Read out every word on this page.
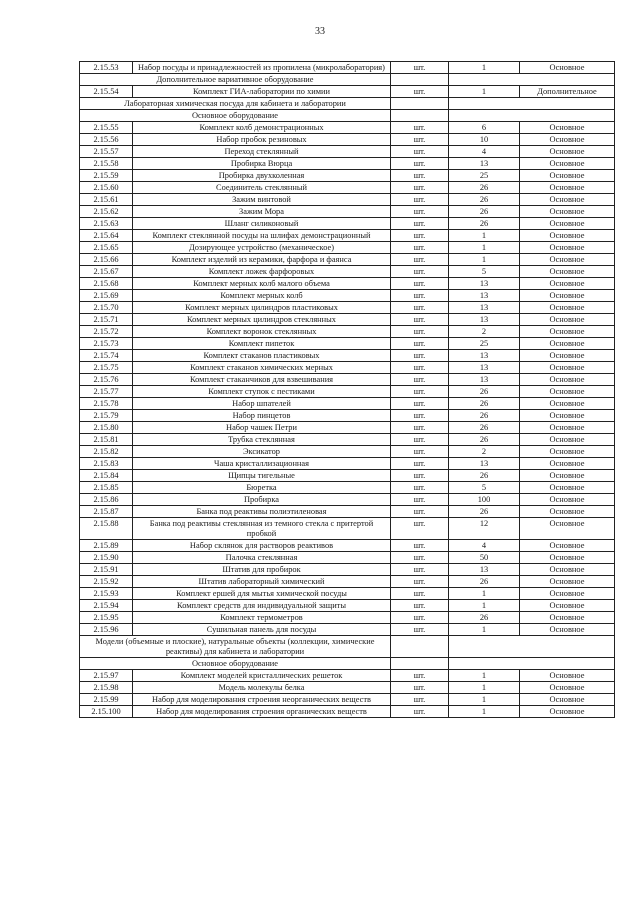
33
2.15.53	Набор посуды и принадлежностей из пропилена (микролаборатория)	шт.	1	Основное
Дополнительное вариативное оборудование				
2.15.54	Комплект ГИА-лаборатории по химии	шт.	1	Дополнительное
Лабораторная химическая посуда для кабинета и лаборатории				
Основное оборудование				
2.15.55	Комплект колб демонстрационных	шт.	6	Основное
2.15.56	Набор пробок резиновых	шт.	10	Основное
2.15.57	Переход стеклянный	шт.	4	Основное
2.15.58	Пробирка Вюрца	шт.	13	Основное
2.15.59	Пробирка двухколенная	шт.	25	Основное
2.15.60	Соединитель стеклянный	шт.	26	Основное
2.15.61	Зажим винтовой	шт.	26	Основное
2.15.62	Зажим Мора	шт.	26	Основное
2.15.63	Шланг силиконовый	шт.	26	Основное
2.15.64	Комплект стеклянной посуды на шлифах демонстрационный	шт.	1	Основное
2.15.65	Дозирующее устройство (механическое)	шт.	1	Основное
2.15.66	Комплект изделий из керамики, фарфора и фаянса	шт.	1	Основное
2.15.67	Комплект ложек фарфоровых	шт.	5	Основное
2.15.68	Комплект мерных колб малого объема	шт.	13	Основное
2.15.69	Комплект мерных колб	шт.	13	Основное
2.15.70	Комплект мерных цилиндров пластиковых	шт.	13	Основное
2.15.71	Комплект мерных цилиндров стеклянных	шт.	13	Основное
2.15.72	Комплект воронок стеклянных	шт.	2	Основное
2.15.73	Комплект пипеток	шт.	25	Основное
2.15.74	Комплект стаканов пластиковых	шт.	13	Основное
2.15.75	Комплект стаканов химических мерных	шт.	13	Основное
2.15.76	Комплект стаканчиков для взвешивания	шт.	13	Основное
2.15.77	Комплект ступок с пестиками	шт.	26	Основное
2.15.78	Набор шпателей	шт.	26	Основное
2.15.79	Набор пинцетов	шт.	26	Основное
2.15.80	Набор чашек Петри	шт.	26	Основное
2.15.81	Трубка стеклянная	шт.	26	Основное
2.15.82	Эксикатор	шт.	2	Основное
2.15.83	Чаша кристаллизационная	шт.	13	Основное
2.15.84	Щипцы тигельные	шт.	26	Основное
2.15.85	Бюретка	шт.	5	Основное
2.15.86	Пробирка	шт.	100	Основное
2.15.87	Банка под реактивы полиэтиленовая	шт.	26	Основное
2.15.88	Банка под реактивы стеклянная из темного стекла с притертой пробкой	шт.	12	Основное
2.15.89	Набор склянок для растворов реактивов	шт.	4	Основное
2.15.90	Палочка стеклянная	шт.	50	Основное
2.15.91	Штатив для пробирок	шт.	13	Основное
2.15.92	Штатив лабораторный химический	шт.	26	Основное
2.15.93	Комплект ершей для мытья химической посуды	шт.	1	Основное
2.15.94	Комплект средств для индивидуальной защиты	шт.	1	Основное
2.15.95	Комплект термометров	шт.	26	Основное
2.15.96	Сушильная панель для посуды	шт.	1	Основное
Модели (объемные и плоские), натуральные объекты (коллекции, химические реактивы) для кабинета и лаборатории				
Основное оборудование				
2.15.97	Комплект моделей кристаллических решеток	шт.	1	Основное
2.15.98	Модель молекулы белка	шт.	1	Основное
2.15.99	Набор для моделирования строения неорганических веществ	шт.	1	Основное
2.15.100	Набор для моделирования строения органических веществ	шт.	1	Основное
